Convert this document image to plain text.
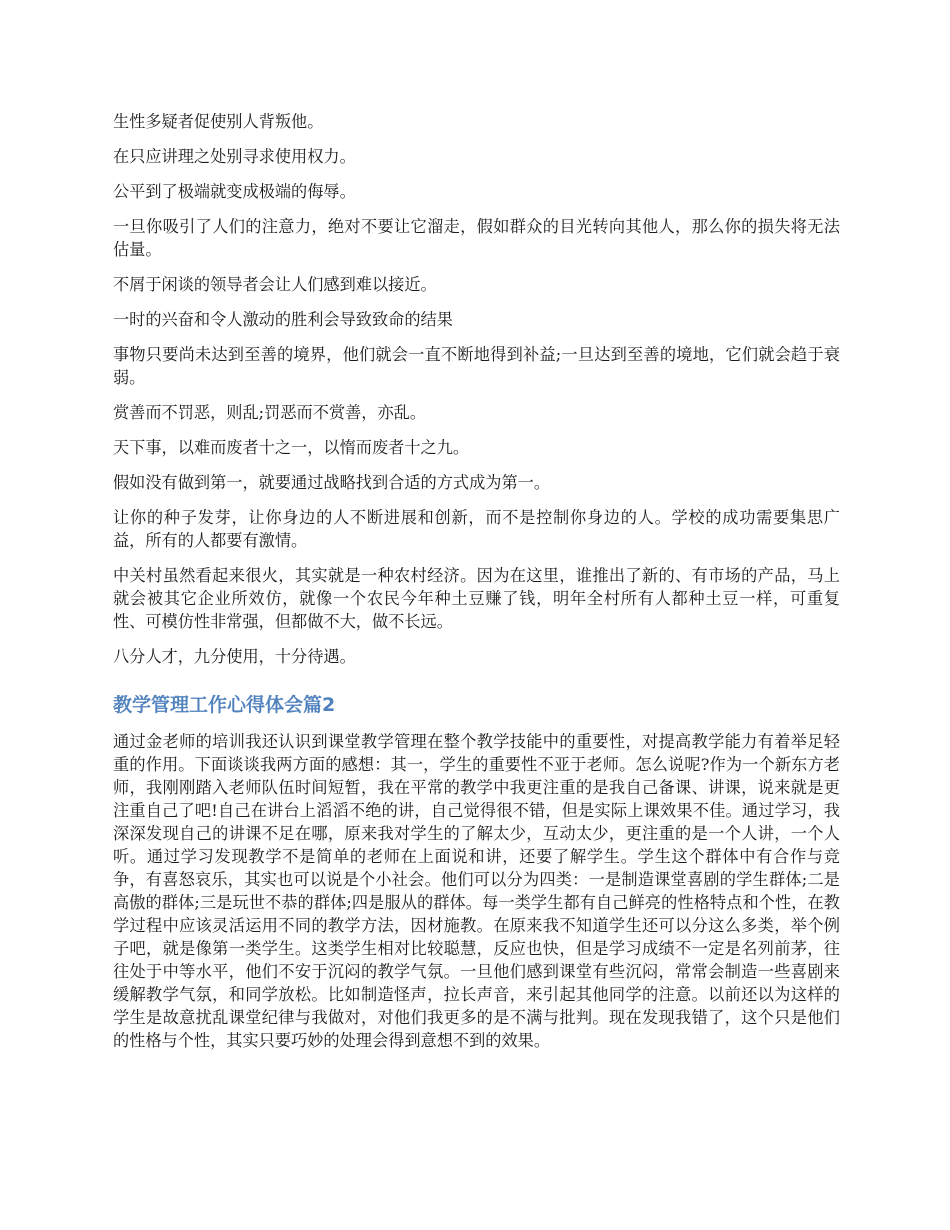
生性多疑者促使别人背叛他。

在只应讲理之处别寻求使用权力。

公平到了极端就变成极端的侮辱。

一旦你吸引了人们的注意力，绝对不要让它溜走，假如群众的目光转向其他人，那么你的损失将无法估量。

不屑于闲谈的领导者会让人们感到难以接近。

一时的兴奋和令人激动的胜利会导致致命的结果

事物只要尚未达到至善的境界，他们就会一直不断地得到补益;一旦达到至善的境地，它们就会趋于衰弱。

赏善而不罚恶，则乱;罚恶而不赏善，亦乱。

天下事，以难而废者十之一，以惰而废者十之九。

假如没有做到第一，就要通过战略找到合适的方式成为第一。

让你的种子发芽，让你身边的人不断进展和创新，而不是控制你身边的人。学校的成功需要集思广益，所有的人都要有激情。

中关村虽然看起来很火，其实就是一种农村经济。因为在这里，谁推出了新的、有市场的产品，马上就会被其它企业所效仿，就像一个农民今年种土豆赚了钱，明年全村所有人都种土豆一样，可重复性、可模仿性非常强，但都做不大，做不长远。

八分人才，九分使用，十分待遇。

教学管理工作心得体会篇2

通过金老师的培训我还认识到课堂教学管理在整个教学技能中的重要性，对提高教学能力有着举足轻重的作用。下面谈谈我两方面的感想：其一，学生的重要性不亚于老师。怎么说呢?作为一个新东方老师，我刚刚踏入老师队伍时间短暂，我在平常的教学中我更注重的是我自己备课、讲课，说来就是更注重自己了吧!自己在讲台上滔滔不绝的讲，自己觉得很不错，但是实际上课效果不佳。通过学习，我深深发现自己的讲课不足在哪，原来我对学生的了解太少，互动太少，更注重的是一个人讲，一个人听。通过学习发现教学不是简单的老师在上面说和讲，还要了解学生。学生这个群体中有合作与竞争，有喜怒哀乐，其实也可以说是个小社会。他们可以分为四类：一是制造课堂喜剧的学生群体;二是高傲的群体;三是玩世不恭的群体;四是服从的群体。每一类学生都有自己鲜亮的性格特点和个性，在教学过程中应该灵活运用不同的教学方法，因材施教。在原来我不知道学生还可以分这么多类，举个例子吧，就是像第一类学生。这类学生相对比较聪慧，反应也快，但是学习成绩不一定是名列前茅，往往处于中等水平，他们不安于沉闷的教学气氛。一旦他们感到课堂有些沉闷，常常会制造一些喜剧来缓解教学气氛，和同学放松。比如制造怪声，拉长声音，来引起其他同学的注意。以前还以为这样的学生是故意扰乱课堂纪律与我做对，对他们我更多的是不满与批判。现在发现我错了，这个只是他们的性格与个性，其实只要巧妙的处理会得到意想不到的效果。
